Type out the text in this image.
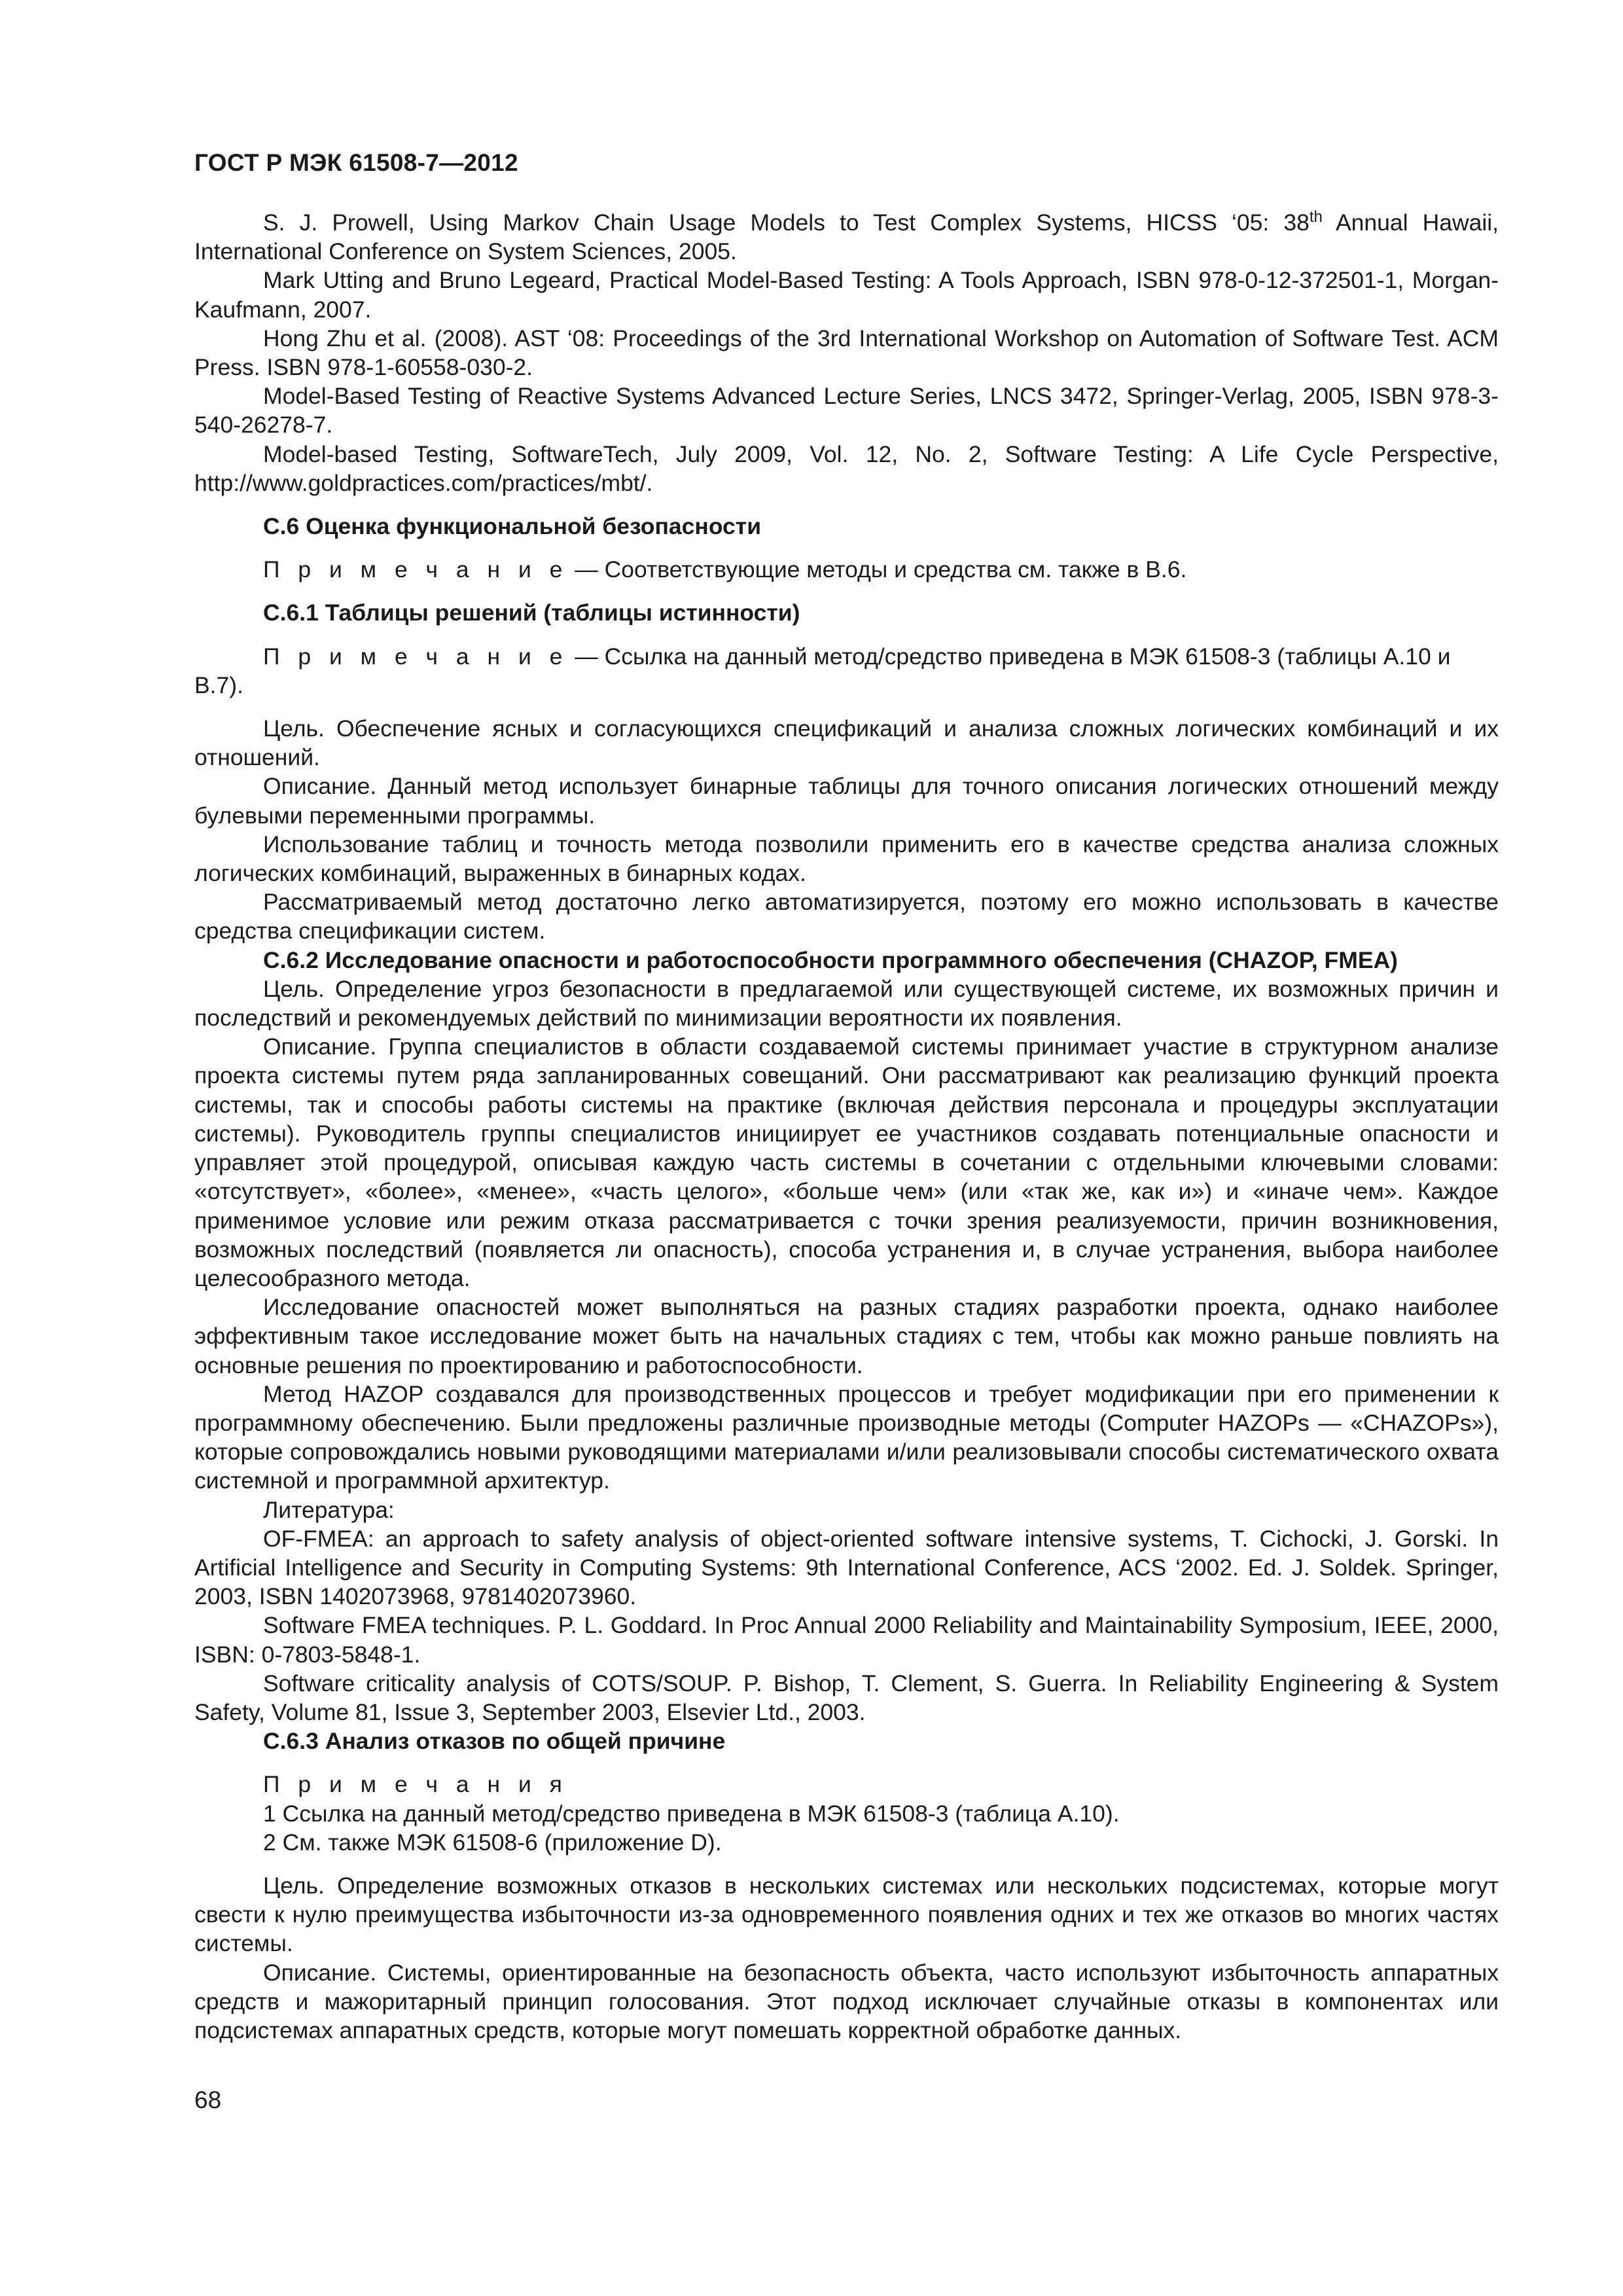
ГОСТ Р МЭК 61508-7—2012

S. J. Prowell, Using Markov Chain Usage Models to Test Complex Systems, HICSS ‘05: 38th Annual Hawaii, International Conference on System Sciences, 2005.

Mark Utting and Bruno Legeard, Practical Model-Based Testing: A Tools Approach, ISBN 978-0-12-372501-1, Morgan-Kaufmann, 2007.

Hong Zhu et al. (2008). AST ‘08: Proceedings of the 3rd International Workshop on Automation of Software Test. ACM Press. ISBN 978-1-60558-030-2.

Model-Based Testing of Reactive Systems Advanced Lecture Series, LNCS 3472, Springer-Verlag, 2005, ISBN 978-3-540-26278-7.

Model-based Testing, SoftwareTech, July 2009, Vol. 12, No. 2, Software Testing: A Life Cycle Perspective, http://www.goldpractices.com/practices/mbt/.

С.6 Оценка функциональной безопасности

П р и м е ч а н и е — Соответствующие методы и средства см. также в В.6.

С.6.1 Таблицы решений (таблицы истинности)

П р и м е ч а н и е — Ссылка на данный метод/средство приведена в МЭК 61508-3 (таблицы А.10 и В.7).

Цель. Обеспечение ясных и согласующихся спецификаций и анализа сложных логических комбинаций и их отношений.

Описание. Данный метод использует бинарные таблицы для точного описания логических отношений между булевыми переменными программы.

Использование таблиц и точность метода позволили применить его в качестве средства анализа сложных логических комбинаций, выраженных в бинарных кодах.

Рассматриваемый метод достаточно легко автоматизируется, поэтому его можно использовать в качестве средства спецификации систем.

С.6.2 Исследование опасности и работоспособности программного обеспечения (CHAZOP, FMEA)

Цель. Определение угроз безопасности в предлагаемой или существующей системе, их возможных причин и последствий и рекомендуемых действий по минимизации вероятности их появления.

Описание. Группа специалистов в области создаваемой системы принимает участие в структурном анализе проекта системы путем ряда запланированных совещаний. Они рассматривают как реализацию функций проекта системы, так и способы работы системы на практике (включая действия персонала и процедуры эксплуатации системы). Руководитель группы специалистов инициирует ее участников создавать потенциальные опасности и управляет этой процедурой, описывая каждую часть системы в сочетании с отдельными ключевыми словами: «отсутствует», «более», «менее», «часть целого», «больше чем» (или «так же, как и») и «иначе чем». Каждое применимое условие или режим отказа рассматривается с точки зрения реализуемости, причин возникновения, возможных последствий (появляется ли опасность), способа устранения и, в случае устранения, выбора наиболее целесообразного метода.

Исследование опасностей может выполняться на разных стадиях разработки проекта, однако наиболее эффективным такое исследование может быть на начальных стадиях с тем, чтобы как можно раньше повлиять на основные решения по проектированию и работоспособности.

Метод HAZOP создавался для производственных процессов и требует модификации при его применении к программному обеспечению. Были предложены различные производные методы (Computer HAZOPs — «CHAZOPs»), которые сопровождались новыми руководящими материалами и/или реализовывали способы систематического охвата системной и программной архитектур.

Литература:

OF-FMEA: an approach to safety analysis of object-oriented software intensive systems, T. Cichocki, J. Gorski. In Artificial Intelligence and Security in Computing Systems: 9th International Conference, ACS ‘2002. Ed. J. Soldek. Springer, 2003, ISBN 1402073968, 9781402073960.

Software FMEA techniques. P. L. Goddard. In Proc Annual 2000 Reliability and Maintainability Symposium, IEEE, 2000, ISBN: 0-7803-5848-1.

Software criticality analysis of COTS/SOUP. P. Bishop, T. Clement, S. Guerra. In Reliability Engineering & System Safety, Volume 81, Issue 3, September 2003, Elsevier Ltd., 2003.

С.6.3 Анализ отказов по общей причине

П р и м е ч а н и я

1 Ссылка на данный метод/средство приведена в МЭК 61508-3 (таблица А.10).

2 См. также МЭК 61508-6 (приложение D).

Цель. Определение возможных отказов в нескольких системах или нескольких подсистемах, которые могут свести к нулю преимущества избыточности из-за одновременного появления одних и тех же отказов во многих частях системы.

Описание. Системы, ориентированные на безопасность объекта, часто используют избыточность аппаратных средств и мажоритарный принцип голосования. Этот подход исключает случайные отказы в компонентах или подсистемах аппаратных средств, которые могут помешать корректной обработке данных.

68
